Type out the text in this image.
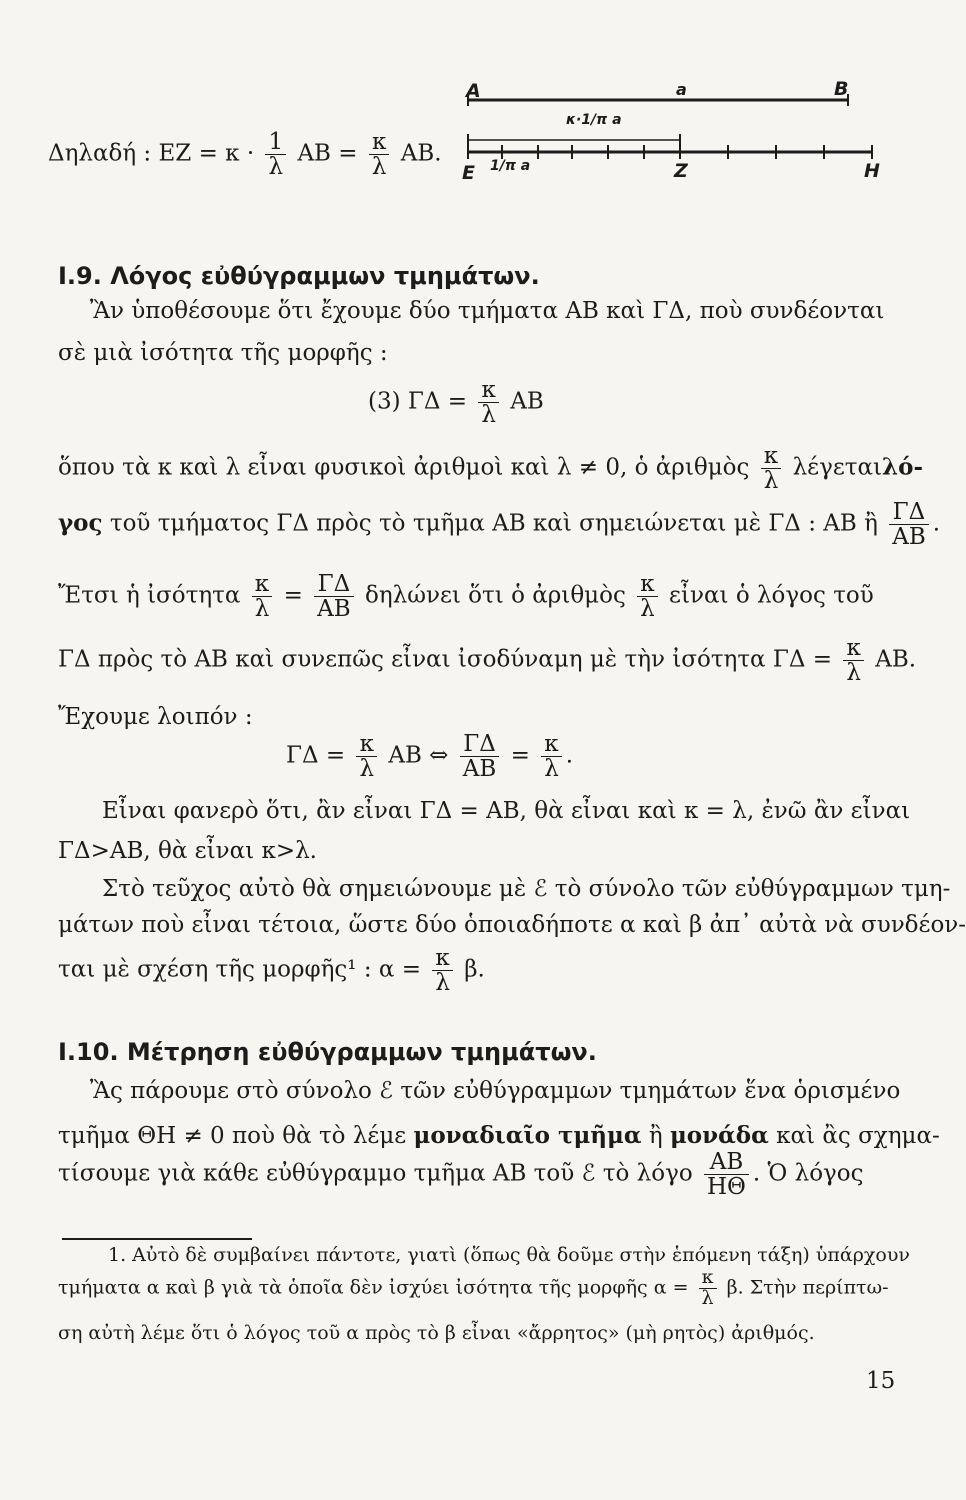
A	a	B
κ·1/π a
E 1/π a	Z	H
Δηλαδή : $EZ = \kappa \cdot \frac{1}{\lambda}$ $AB = \frac{\kappa}{\lambda} AB$.
Ι.9. Λόγος εὐθύγραμμων τμημάτων.
Ἂν ὑποθέσουμε ὅτι ἔχουμε δύο τμήματα ΑΒ καὶ ΓΔ, ποὺ συνδέονται
σὲ μιὰ ἰσότητα τῆς μορφῆς :
(3) $\Gamma\Delta = \frac{\kappa}{\lambda}$ ΑΒ
ὅπου τὰ κ καὶ λ εἶναι φυσικοὶ ἀριθμοὶ καὶ λ ≠ 0, ὁ ἀριθμὸς $\frac{\kappa}{\lambda} \lambda έ\gamma\varepsilon\tau\alpha\iota\lambda ό-$
γος τοῦ τμήματος ΓΔ πρὸς τὸ τμῆμα ΑΒ καὶ σημειώνεται μὲ ΓΔ : ΑΒ ἢ $\frac{\Gamma\Delta}{AB}$ .
Ἔτσι ἡ ἰσότητα $\frac{\kappa}{\lambda} = \frac{\Gamma\Delta}{AB}$ δηλώνει ὅτι ὁ ἀριθμὸς $\frac{\kappa}{\lambda}$ εἶναι ὁ λόγος τοῦ
ΓΔ πρὸς τὸ ΑΒ καὶ συνεπῶς εἶναι ἰσοδύναμη μὲ τὴν ἰσότητα $\Gamma\Delta = \frac{\kappa}{\lambda} AB$.
Ἔχουμε λοιπόν :
$\Gamma\Delta = \frac{\kappa}{\lambda}$ ΑΒ ⇔ $\frac{\Gamma\Delta}{AB} = \frac{\kappa}{\lambda}$ .
Εἶναι φανερὸ ὅτι, ἂν εἶναι ΓΔ = ΑΒ, θὰ εἶναι καὶ κ = λ, ἐνῶ ἂν εἶναι
ΓΔ>ΑΒ, θὰ εἶναι κ>λ.
Στὸ τεῦχος αὐτὸ θὰ σημειώνουμε μὲ ℰ τὸ σύνολο τῶν εὐθύγραμμων τμη-
μάτων ποὺ εἶναι τέτοια, ὥστε δύο ὁποιαδήποτε α καὶ β ἀπ᾿ αὐτὰ νὰ συνδέον-
ται μὲ σχέση τῆς μορφῆς¹ : $\alpha = \frac{\kappa}{\lambda} \beta$.
Ι.10. Μέτρηση εὐθύγραμμων τμημάτων.
Ἂς πάρουμε στὸ σύνολο ℰ τῶν εὐθύγραμμων τμημάτων ἕνα ὁρισμένο
τμῆμα ΘΗ ≠ 0 ποὺ θὰ τὸ λέμε μοναδιαῖο τμῆμα ἢ μονάδα καὶ ἂς σχημα-
τίσουμε γιὰ κάθε εὐθύγραμμο τμῆμα ΑΒ τοῦ ℰ τὸ λόγο $\frac{AB}{H\Theta}$ . Ὁ λόγος
1. Αὐτὸ δὲ συμβαίνει πάντοτε, γιατὶ (ὅπως θὰ δοῦμε στὴν ἑπόμενη τάξη) ὑπάρχουν
τμήματα α καὶ β γιὰ τὰ ὁποῖα δὲν ἰσχύει ἰσότητα τῆς μορφῆς $\alpha = \frac{\kappa}{\lambda} \beta$. Στὴν περίπτω-
ση αὐτὴ λέμε ὅτι ὁ λόγος τοῦ α πρὸς τὸ β εἶναι «ἄρρητος» (μὴ ρητὸς) ἀριθμός.
15
